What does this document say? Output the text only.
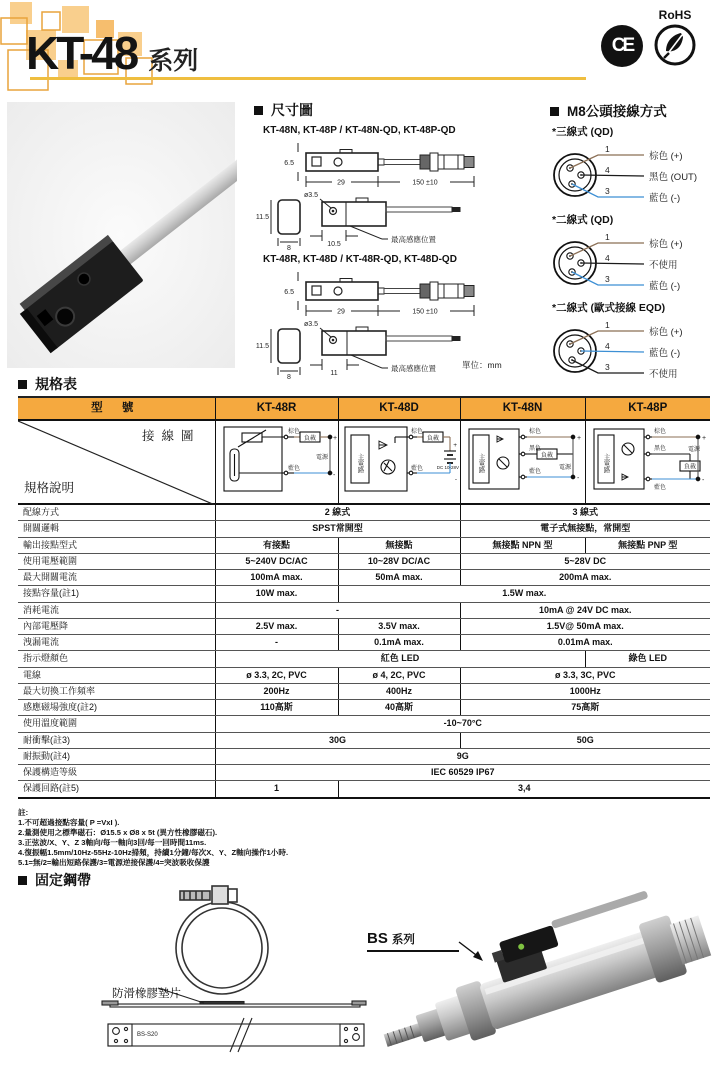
KT-48 系列
CE
RoHS
尺寸圖
KT-48N, KT-48P / KT-48N-QD, KT-48P-QD
6.5
29	150 ±10
11.5
8
ø3.5
10.5
最高感應位置
KT-48R, KT-48D / KT-48R-QD, KT-48D-QD
6.5
29	150 ±10
11.5
8
ø3.5
11
最高感應位置	單位：mm
M8公頭接線方式
*三線式 (QD)
1
4
3
棕色 (+)
黑色 (OUT)
藍色 (-)
*二線式 (QD)
1
4
3
棕色 (+)
不使用
藍色 (-)
*二線式 (歐式接線 EQD)
1
4
3
棕色 (+)
藍色 (-)
不使用
規格表
型 號	KT-48R	KT-48D	KT-48N	KT-48P

接線圖
規格說明

棕色
藍色
負載
電源
+
-

主電路
棕色
藍色
負載
+
-
DC 10-28V	主電路
棕色
黑色
藍色
負載
電源
+
-

主電路
棕色
黑色
藍色
負載
電源
+
-

配線方式	2 線式		3 線式	
開關邏輯	SPST常開型		電子式無接點，常開型	
輸出接點型式	有接點	無接點	無接點 NPN 型	無接點 PNP 型
使用電壓範圍	5~240V DC/AC	10~28V DC/AC	5~28V DC	
最大開關電流	100mA max.	50mA max.	200mA max.	
接點容量(註1)	10W max.	1.5W max.		
消耗電流	-		10mA @ 24V DC max.	
內部電壓降	2.5V max.	3.5V max.	1.5V@ 50mA max.	
洩漏電流	-	0.1mA max.	0.01mA max.	
指示燈顏色	紅色 LED			綠色 LED
電線	ø 3.3, 2C, PVC	ø 4, 2C, PVC	ø 3.3, 3C, PVC	
最大切換工作頻率	200Hz	400Hz	1000Hz	
感應磁場強度(註2)	110高斯	40高斯	75高斯	
使用溫度範圍	-10~70°C			
耐衝擊(註3)	30G		50G	
耐振動(註4)	9G			
保護構造等級	IEC 60529 IP67			
保護回路(註5)	1	3,4		
註:
1.不可超過接點容量( P =VxI ).
2.量測使用之標準磁石：Ø15.5 x Ø8 x 5t (異方性橡膠磁石).
3.正弦波/X、Y、Z 3軸向/每一軸向3回/每一回時間11ms.
4.復振幅1.5mm/10Hz-55Hz-10Hz掃頻，持續1分鐘/每次X、Y、Z軸向操作1小時.
5.1=無/2=輸出短路保護/3=電源逆接保護/4=突波吸收保護
固定鋼帶
BS-S20
防滑橡膠墊片
BS 系列
